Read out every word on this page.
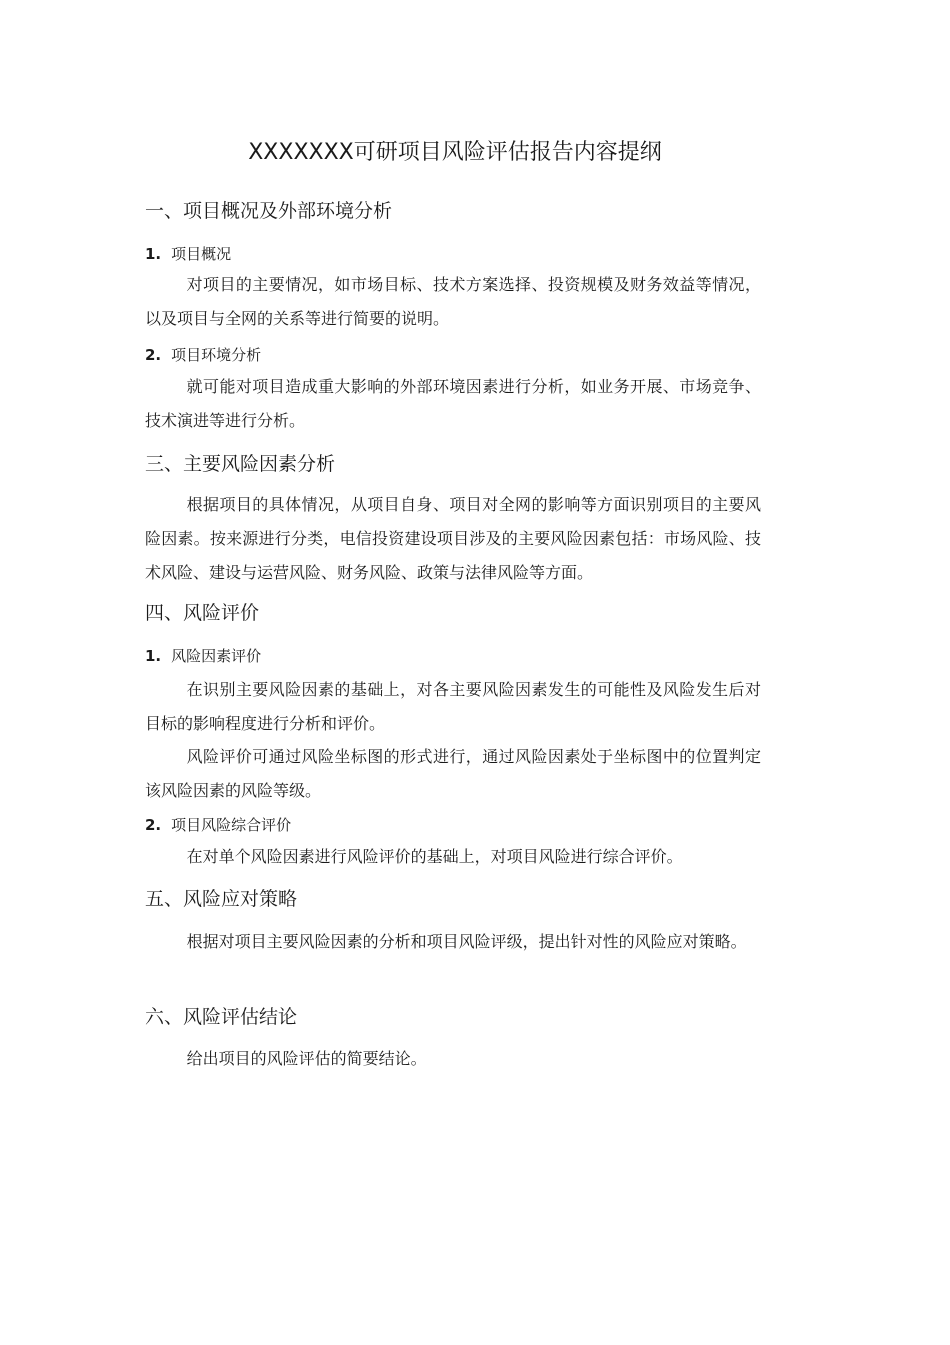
XXXXXXX可研项目风险评估报告内容提纲
一、项目概况及外部环境分析
1. 项目概况
对项目的主要情况，如市场目标、技术方案选择、投资规模及财务效益等情况，以及项目与全网的关系等进行简要的说明。
2. 项目环境分析
就可能对项目造成重大影响的外部环境因素进行分析，如业务开展、市场竞争、技术演进等进行分析。
三、主要风险因素分析
根据项目的具体情况，从项目自身、项目对全网的影响等方面识别项目的主要风险因素。按来源进行分类，电信投资建设项目涉及的主要风险因素包括：市场风险、技术风险、建设与运营风险、财务风险、政策与法律风险等方面。
四、风险评价
1. 风险因素评价
在识别主要风险因素的基础上，对各主要风险因素发生的可能性及风险发生后对目标的影响程度进行分析和评价。
风险评价可通过风险坐标图的形式进行，通过风险因素处于坐标图中的位置判定该风险因素的风险等级。
2. 项目风险综合评价
在对单个风险因素进行风险评价的基础上，对项目风险进行综合评价。
五、风险应对策略
根据对项目主要风险因素的分析和项目风险评级，提出针对性的风险应对策略。
六、风险评估结论
给出项目的风险评估的简要结论。
